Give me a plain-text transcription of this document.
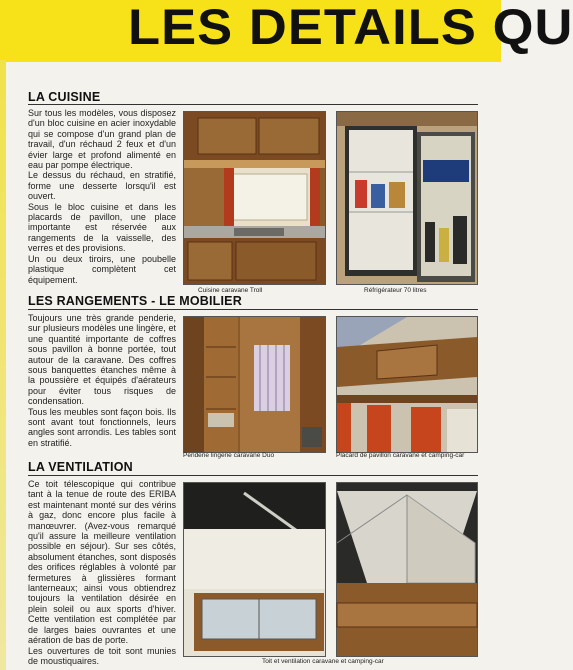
LES DETAILS QU
LA CUISINE

Sur tous les modèles, vous disposez d'un bloc cuisine en acier inoxydable qui se compose d'un grand plan de travail, d'un réchaud 2 feux et d'un évier large et profond alimenté en eau par pompe électrique.

Le dessus du réchaud, en stratifié, forme une desserte lorsqu'il est ouvert.

Sous le bloc cuisine et dans les placards de pavillon, une place importante est réservée aux rangements de la vaisselle, des verres et des provisions.

Un ou deux tiroirs, une poubelle plastique complètent cet équipement.

Cuisine caravane Troll	Réfrigérateur 70 litres
LES RANGEMENTS - LE MOBILIER

Toujours une très grande penderie, sur plusieurs modèles une lingère, et une quantité importante de coffres sous pavillon à bonne portée, tout autour de la caravane. Des coffres sous banquettes étanches même à la poussière et équipés d'aérateurs pour éviter tous risques de condensation.

Tous les meubles sont façon bois. Ils sont avant tout fonctionnels, leurs angles sont arrondis. Les tables sont en stratifié.

Penderie lingerie caravane Duo	Placard de pavillon caravane et camping-car
LA VENTILATION

Ce toit télescopique qui contribue tant à la tenue de route des ERIBA est maintenant monté sur des vérins à gaz, donc encore plus facile à manœuvrer. (Avez-vous remarqué qu'il assure la meilleure ventilation possible en séjour). Sur ses côtés, absolument étanches, sont disposés des orifices réglables à volonté par fermetures à glissières formant lanterneaux; ainsi vous obtiendrez toujours la ventilation désirée en plein soleil ou aux sports d'hiver. Cette ventilation est complétée par de larges baies ouvrantes et une aération de bas de porte.

Les ouvertures de toit sont munies de moustiquaires.	Toit et ventilation caravane et camping-car
